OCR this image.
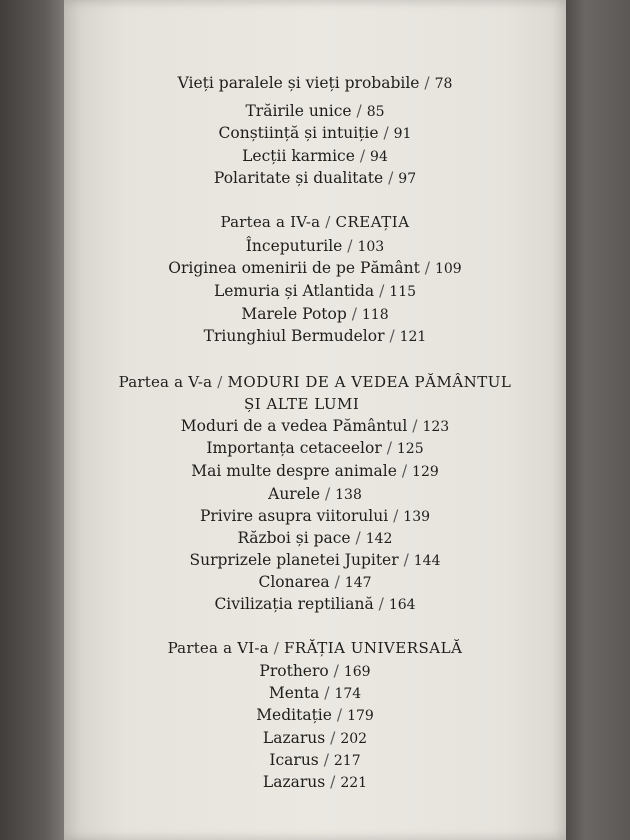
Vieți paralele și vieți probabile / 78
Trăirile unice / 85
Conștiință și intuiție / 91
Lecții karmice / 94
Polaritate și dualitate / 97
Partea a IV-a / CREAȚIA
Începuturile / 103
Originea omenirii de pe Pământ / 109
Lemuria și Atlantida / 115
Marele Potop / 118
Triunghiul Bermudelor / 121
Partea a V-a / MODURI DE A VEDEA PĂMÂNTUL
ȘI ALTE LUMI
Moduri de a vedea Pământul / 123
Importanța cetaceelor / 125
Mai multe despre animale / 129
Aurele / 138
Privire asupra viitorului / 139
Război și pace / 142
Surprizele planetei Jupiter / 144
Clonarea / 147
Civilizația reptiliană / 164
Partea a VI-a / FRĂȚIA UNIVERSALĂ
Prothero / 169
Menta / 174
Meditație / 179
Lazarus / 202
Icarus / 217
Lazarus / 221
